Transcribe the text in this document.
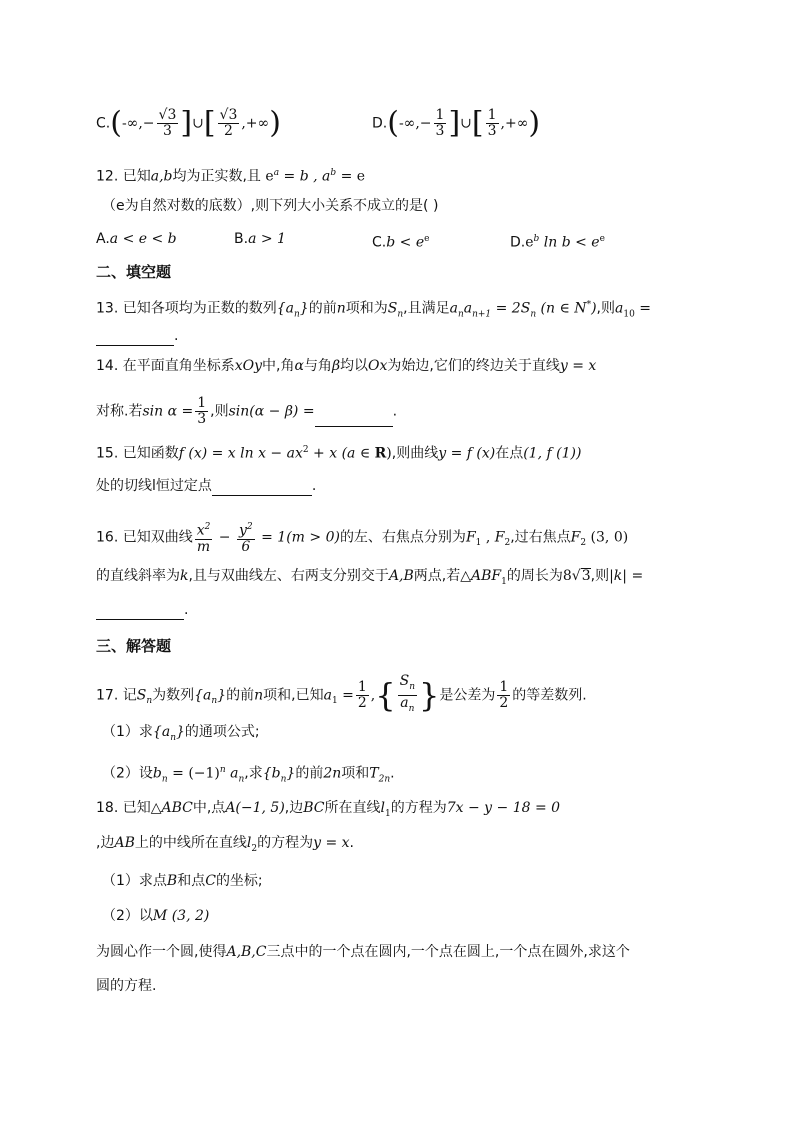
$C.(-\infty,- \frac{√3}{3}$ ]∪[ $\frac{√3}{2}$ ,+∞)	$D.(-\infty,- \frac{1}{3}$ ]∪[ $\frac{1}{3}$ ,+∞)
12. 已知a,b均为正实数,且 $e^a = b$ , $a^b = e$
（e为自然对数的底数）,则下列大小关系不成立的是( )
A.a < e < b	B.a > 1	$C.b < e^e$	$D.e^b$ $\ln b < e^e$
二、填空题
13. 已知各项均为正数的数列$\{a_n\}$的前n项和为$S_n$,且满足$a_na_{n+1} = 2S_n$ (n ∈ N*),则$a_{10}$ =
.
14. 在平面直角坐标系xOy中,角α与角β均以Ox为始边,它们的终边关于直线y = x
对称.若$\sin \alpha = \frac{1}{3}$ ,则sin(α − β) =	.
15. 已知函数f (x) = x $\ln x - ax^2 + x$ (a ∈ R),则曲线y = f (x)在点(1, f (1))
处的切线l恒过定点	.
16. 已知双曲线 $\frac{x^2}{m} - \frac{y^2}{6} = 1(m > 0)$的左、右焦点分别为$F_1$ , $F_2$,过右焦点$F_2$ (3, 0)
的直线斜率为k,且与双曲线左、右两支分别交于A,B两点,若$\triangle ABF_1$的周长为8√3,则|k| =
.
三、解答题
17. 记$S_n$为数列$\{a_n\}$的前n项和,已知$a_1 = \frac{1}{2}$ ,{ $\frac{S_n}{a_n}$ }是公差为 $\frac{1}{2}$ 的等差数列.
（1）求$\{a_n\}$的通项公式;
（2）设$b_n = (-1)^n$ $a_n$,求$\{b_n\}$的前2n项和$T_{2n}$.
18. 已知△ABC中,点A(−1, 5),边BC所在直线$l_1$的方程为7x − y − 18 = 0
,边AB上的中线所在直线$l_2$的方程为y = x.
（1）求点B和点C的坐标;
（2）以M (3, 2)
为圆心作一个圆,使得A,B,C三点中的一个点在圆内,一个点在圆上,一个点在圆外,求这个
圆的方程.
